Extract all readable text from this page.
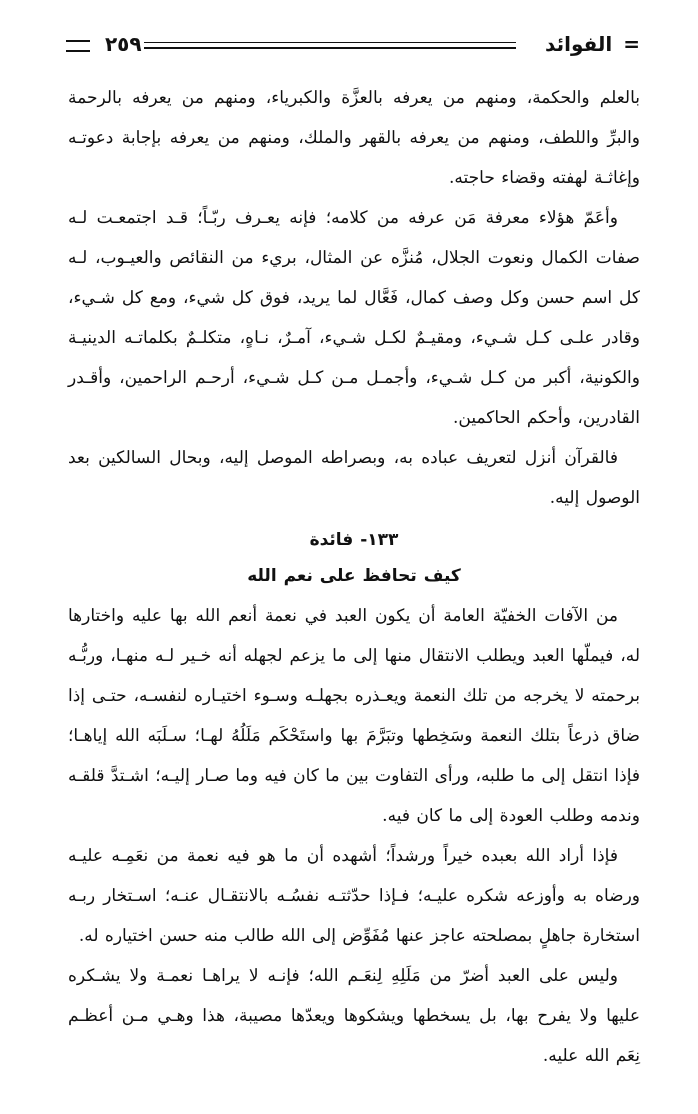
= الفوائد
٢٥٩

بالعلم والحكمة، ومنهم من يعرفه بالعزَّة والكبرياء، ومنهم من يعرفه بالرحمة والبرِّ واللطف، ومنهم من يعرفه بالقهر والملك، ومنهم من يعرفه بإجابة دعوتـه وإغاثـة لهفته وقضاء حاجته.

وأعَمّ هؤلاء معرفة مَن عرفه من كلامه؛ فإنه يعـرف ربّـاً؛ قـد اجتمعـت لـه صفات الكمال ونعوت الجلال، مُنزَّه عن المثال، بريء من النقائص والعيـوب، لـه كل اسم حسن وكل وصف كمال، فَعَّال لما يريد، فوق كل شيء، ومع كل شـيء، وقادر علـى كـل شـيء، ومقيـمٌ لكـل شـيء، آمـرٌ، نـاهٍ، متكلـمٌ بكلماتـه الدينيـة والكونية، أكبر من كـل شـيء، وأجمـل مـن كـل شـيء، أرحـم الراحمين، وأقـدر القادرين، وأحكم الحاكمين.

فالقرآن أنزل لتعريف عباده به، وبصراطه الموصل إليه، وبحال السالكين بعد الوصول إليه.

١٣٣- فائدة
كيف تحافظ على نعم الله

من الآفات الخفيّة العامة أن يكون العبد في نعمة أنعم الله بها عليه واختارها له، فيملّها العبد ويطلب الانتقال منها إلى ما يزعم لجهله أنه خـير لـه منهـا، وربُّـه برحمته لا يخرجه من تلك النعمة ويعـذره بجهلـه وسـوء اختيـاره لنفسـه، حتـى إذا ضاق ذرعاً بتلك النعمة وسَخِطها وتبَرَّمَ بها واستَحْكَم مَلَلُهُ لهـا؛ سـلَبَه الله إياهـا؛ فإذا انتقل إلى ما طلبه، ورأى التفاوت بين ما كان فيه وما صـار إليـه؛ اشـتدَّ قلقـه وندمه وطلب العودة إلى ما كان فيه.

فإذا أراد الله بعبده خيراً ورشداً؛ أشهده أن ما هو فيه نعمة من نعَمِـه عليـه ورضاه به وأوزعه شكره عليـه؛ فـإذا حدّثتـه نفسُـه بالانتقـال عنـه؛ اسـتخار ربـه استخارة جاهلٍ بمصلحته عاجز عنها مُفَوِّض إلى الله طالب منه حسن اختياره له.

وليس على العبد أضرّ من مَلَلِهِ لِنعَـم الله؛ فإنـه لا يراهـا نعمـة ولا يشـكره عليها ولا يفرح بها، بل يسخطها ويشكوها ويعدّها مصيبة، هذا وهـي مـن أعظـم نِعَم الله عليه.
